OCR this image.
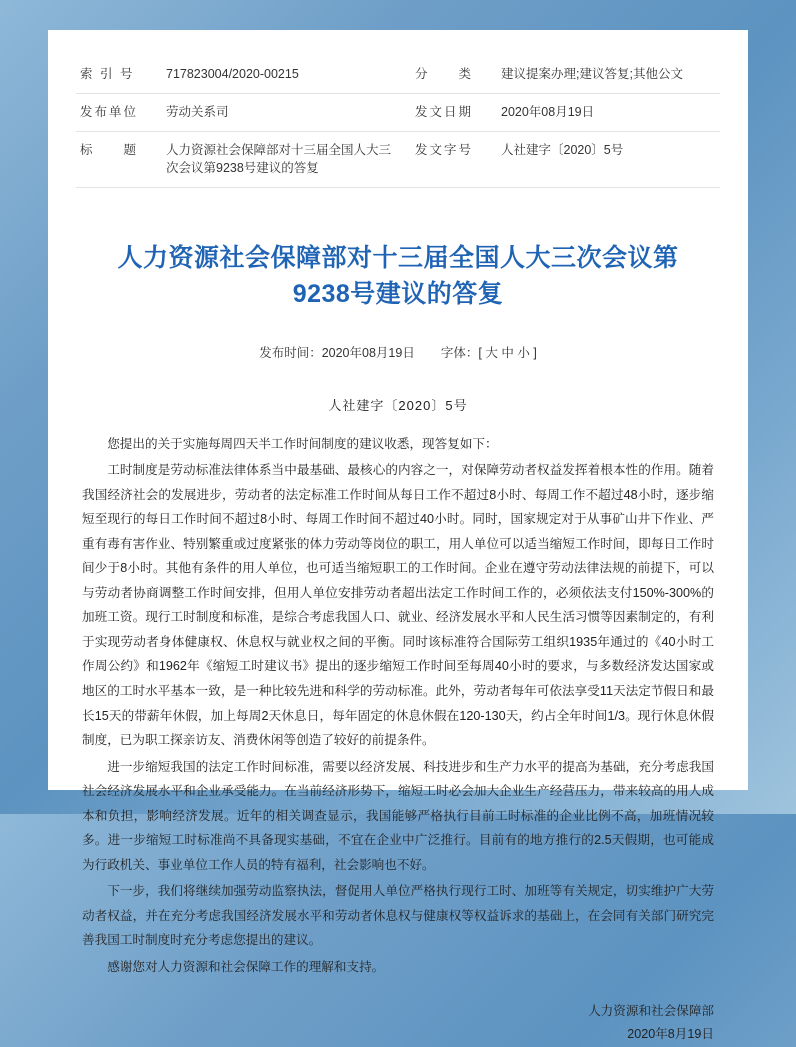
索 引 号	717823004/2020-00215	分　　类	建议提案办理;建议答复;其他公文
发布单位	劳动关系司	发文日期	2020年08月19日
标　　题	人力资源社会保障部对十三届全国人大三次会议第9238号建议的答复	发文字号	人社建字〔2020〕5号
人力资源社会保障部对十三届全国人大三次会议第9238号建议的答复
发布时间：2020年08月19日 字体：[ 大 中 小 ]
人社建字〔2020〕5号

您提出的关于实施每周四天半工作时间制度的建议收悉，现答复如下：

工时制度是劳动标准法律体系当中最基础、最核心的内容之一，对保障劳动者权益发挥着根本性的作用。随着我国经济社会的发展进步，劳动者的法定标准工作时间从每日工作不超过8小时、每周工作不超过48小时，逐步缩短至现行的每日工作时间不超过8小时、每周工作时间不超过40小时。同时，国家规定对于从事矿山井下作业、严重有毒有害作业、特别繁重或过度紧张的体力劳动等岗位的职工，用人单位可以适当缩短工作时间，即每日工作时间少于8小时。其他有条件的用人单位，也可适当缩短职工的工作时间。企业在遵守劳动法律法规的前提下，可以与劳动者协商调整工作时间安排，但用人单位安排劳动者超出法定工作时间工作的，必须依法支付150%-300%的加班工资。现行工时制度和标准，是综合考虑我国人口、就业、经济发展水平和人民生活习惯等因素制定的，有利于实现劳动者身体健康权、休息权与就业权之间的平衡。同时该标准符合国际劳工组织1935年通过的《40小时工作周公约》和1962年《缩短工时建议书》提出的逐步缩短工作时间至每周40小时的要求，与多数经济发达国家或地区的工时水平基本一致，是一种比较先进和科学的劳动标准。此外，劳动者每年可依法享受11天法定节假日和最长15天的带薪年休假，加上每周2天休息日，每年固定的休息休假在120-130天，约占全年时间1/3。现行休息休假制度，已为职工探亲访友、消费休闲等创造了较好的前提条件。

进一步缩短我国的法定工作时间标准，需要以经济发展、科技进步和生产力水平的提高为基础，充分考虑我国社会经济发展水平和企业承受能力。在当前经济形势下，缩短工时必会加大企业生产经营压力，带来较高的用人成本和负担，影响经济发展。近年的相关调查显示，我国能够严格执行目前工时标准的企业比例不高，加班情况较多。进一步缩短工时标准尚不具备现实基础，不宜在企业中广泛推行。目前有的地方推行的2.5天假期，也可能成为行政机关、事业单位工作人员的特有福利，社会影响也不好。

下一步，我们将继续加强劳动监察执法，督促用人单位严格执行现行工时、加班等有关规定，切实维护广大劳动者权益，并在充分考虑我国经济发展水平和劳动者休息权与健康权等权益诉求的基础上，在会同有关部门研究完善我国工时制度时充分考虑您提出的建议。

感谢您对人力资源和社会保障工作的理解和支持。

人力资源和社会保障部
2020年8月19日
